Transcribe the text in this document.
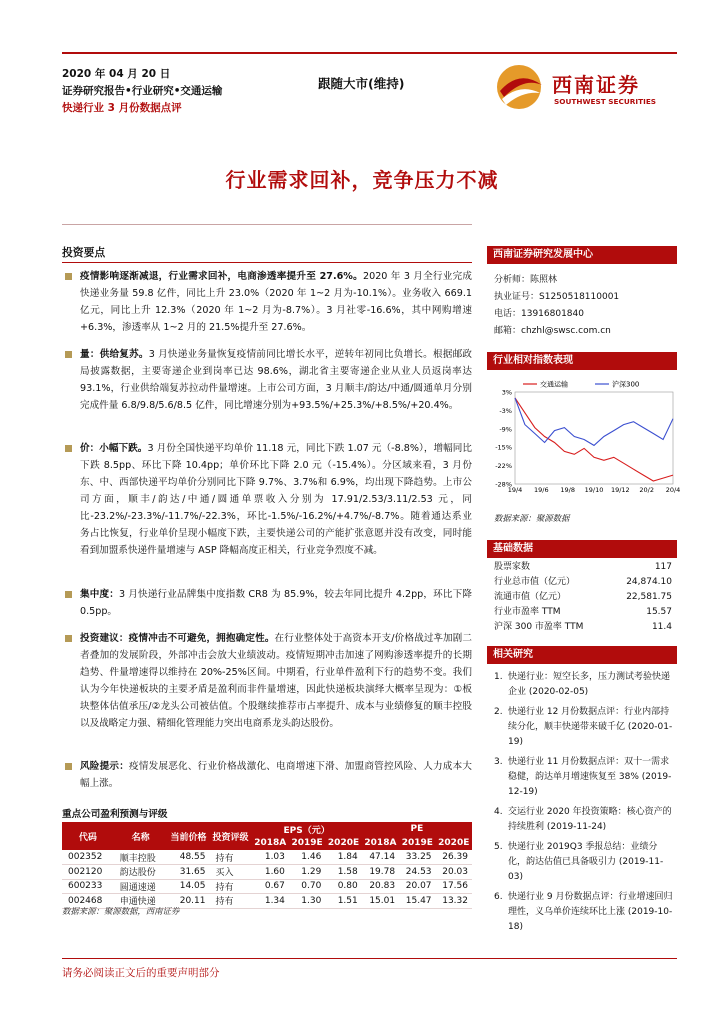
2020 年 04 月 20 日
证券研究报告•行业研究•交通运输
快递行业 3 月份数据点评
跟随大市(维持)	西南证券
SOUTHWEST SECURITIES
行业需求回补，竞争压力不减
投资要点
疫情影响逐渐减退，行业需求回补，电商渗透率提升至 27.6%。2020 年 3 月全行业完成快递业务量 59.8 亿件，同比上升 23.0%（2020 年 1~2 月为-10.1%）。业务收入 669.1 亿元，同比上升 12.3%（2020 年 1~2 月为-8.7%）。3 月社零-16.6%，其中网购增速+6.3%，渗透率从 1~2 月的 21.5%提升至 27.6%。
量：供给复苏。3 月快递业务量恢复疫情前同比增长水平，逆转年初同比负增长。根据邮政局披露数据，主要寄递企业到岗率已达 98.6%，湖北省主要寄递企业从业人员返岗率达 93.1%，行业供给端复苏拉动件量增速。上市公司方面，3 月顺丰/韵达/中通/圆通单月分别完成件量 6.8/9.8/5.6/8.5 亿件，同比增速分别为+93.5%/+25.3%/+8.5%/+20.4%。
价：小幅下跌。3 月份全国快递平均单价 11.18 元，同比下跌 1.07 元（-8.8%），增幅同比下跌 8.5pp、环比下降 10.4pp；单价环比下降 2.0 元（-15.4%）。分区域来看，3 月份东、中、西部快递平均单价分别同比下降 9.7%、3.7%和 6.9%，均出现下降趋势。上市公司方面，顺丰/韵达/中通/圆通单票收入分别为 17.91/2.53/3.11/2.53 元，同比-23.2%/-23.3%/-11.7%/-22.3%，环比-1.5%/-16.2%/+4.7%/-8.7%。随着通达系业务占比恢复，行业单价呈现小幅度下跌，主要快递公司的产能扩张意愿并没有改变，同时能看到加盟系快递件量增速与 ASP 降幅高度正相关，行业竞争烈度不减。
集中度：3 月快递行业品牌集中度指数 CR8 为 85.9%，较去年同比提升 4.2pp，环比下降 0.5pp。
投资建议：疫情冲击不可避免，拥抱确定性。在行业整体处于高资本开支/价格战过후加剧二者叠加的发展阶段，外部冲击会放大业绩波动。疫情短期冲击加速了网购渗透率提升的长期趋势、件量增速得以维持在 20%-25%区间。中期看，行业单件盈利下行的趋势不变。我们认为今年快递板块的主要矛盾是盈利而非件量增速，因此快递板块演绎大概率呈现为：①板块整体估值承压/②龙头公司被估值。个股继续推荐市占率提升、成本与业绩修复的顺丰控股以及战略定力强、精细化管理能力突出电商系龙头韵达股份。
风险提示：疫情发展恶化、行业价格战激化、电商增速下滑、加盟商管控风险、人力成本大幅上涨。
重点公司盈利预测与评级
代码	名称	当前价格	投资评级	EPS（元）			PE		
				2018A	2019E	2020E	2018A	2019E	2020E
002352	顺丰控股	48.55	持有	1.03	1.46	1.84	47.14	33.25	26.39
002120	韵达股份	31.65	买入	1.60	1.29	1.58	19.78	24.53	20.03
600233	圆通速递	14.05	持有	0.67	0.70	0.80	20.83	20.07	17.56
002468	申通快递	20.11	持有	1.34	1.30	1.51	15.01	15.47	13.32
数据来源：聚源数据，西南证券
请务必阅读正文后的重要声明部分
西南证券研究发展中心
分析师：陈照林
执业证号：S1250518110001
电话：13916801840
邮箱：chzhl@swsc.com.cn
行业相对指数表现
3%
-3%
-9%
-15%
-22%
-28%
19/4 19/6 19/8 19/10 19/12 20/2 20/4
交通运输	沪深300
数据来源：聚源数据
基础数据
股票家数	117
行业总市值（亿元）	24,874.10
流通市值（亿元）	22,581.75
行业市盈率 TTM	15.57
沪深 300 市盈率 TTM	11.4
相关研究
1. 快递行业：短空长多，压力测试考验快递企业 (2020-02-05)
2. 快递行业 12 月份数据点评：行业内部持续分化，顺丰快递带来破千亿 (2020-01-19)
3. 快递行业 11 月份数据点评：双十一需求稳健，韵达单月增速恢复至 38% (2019-12-19)
4. 交运行业 2020 年投资策略：核心资产的持续胜利 (2019-11-24)
5. 快递行业 2019Q3 季报总结：业绩分化，韵达估值已具备吸引力 (2019-11-03)
6. 快递行业 9 月份数据点评：行业增速回归理性，义乌单价连续环比上涨 (2019-10-18)
